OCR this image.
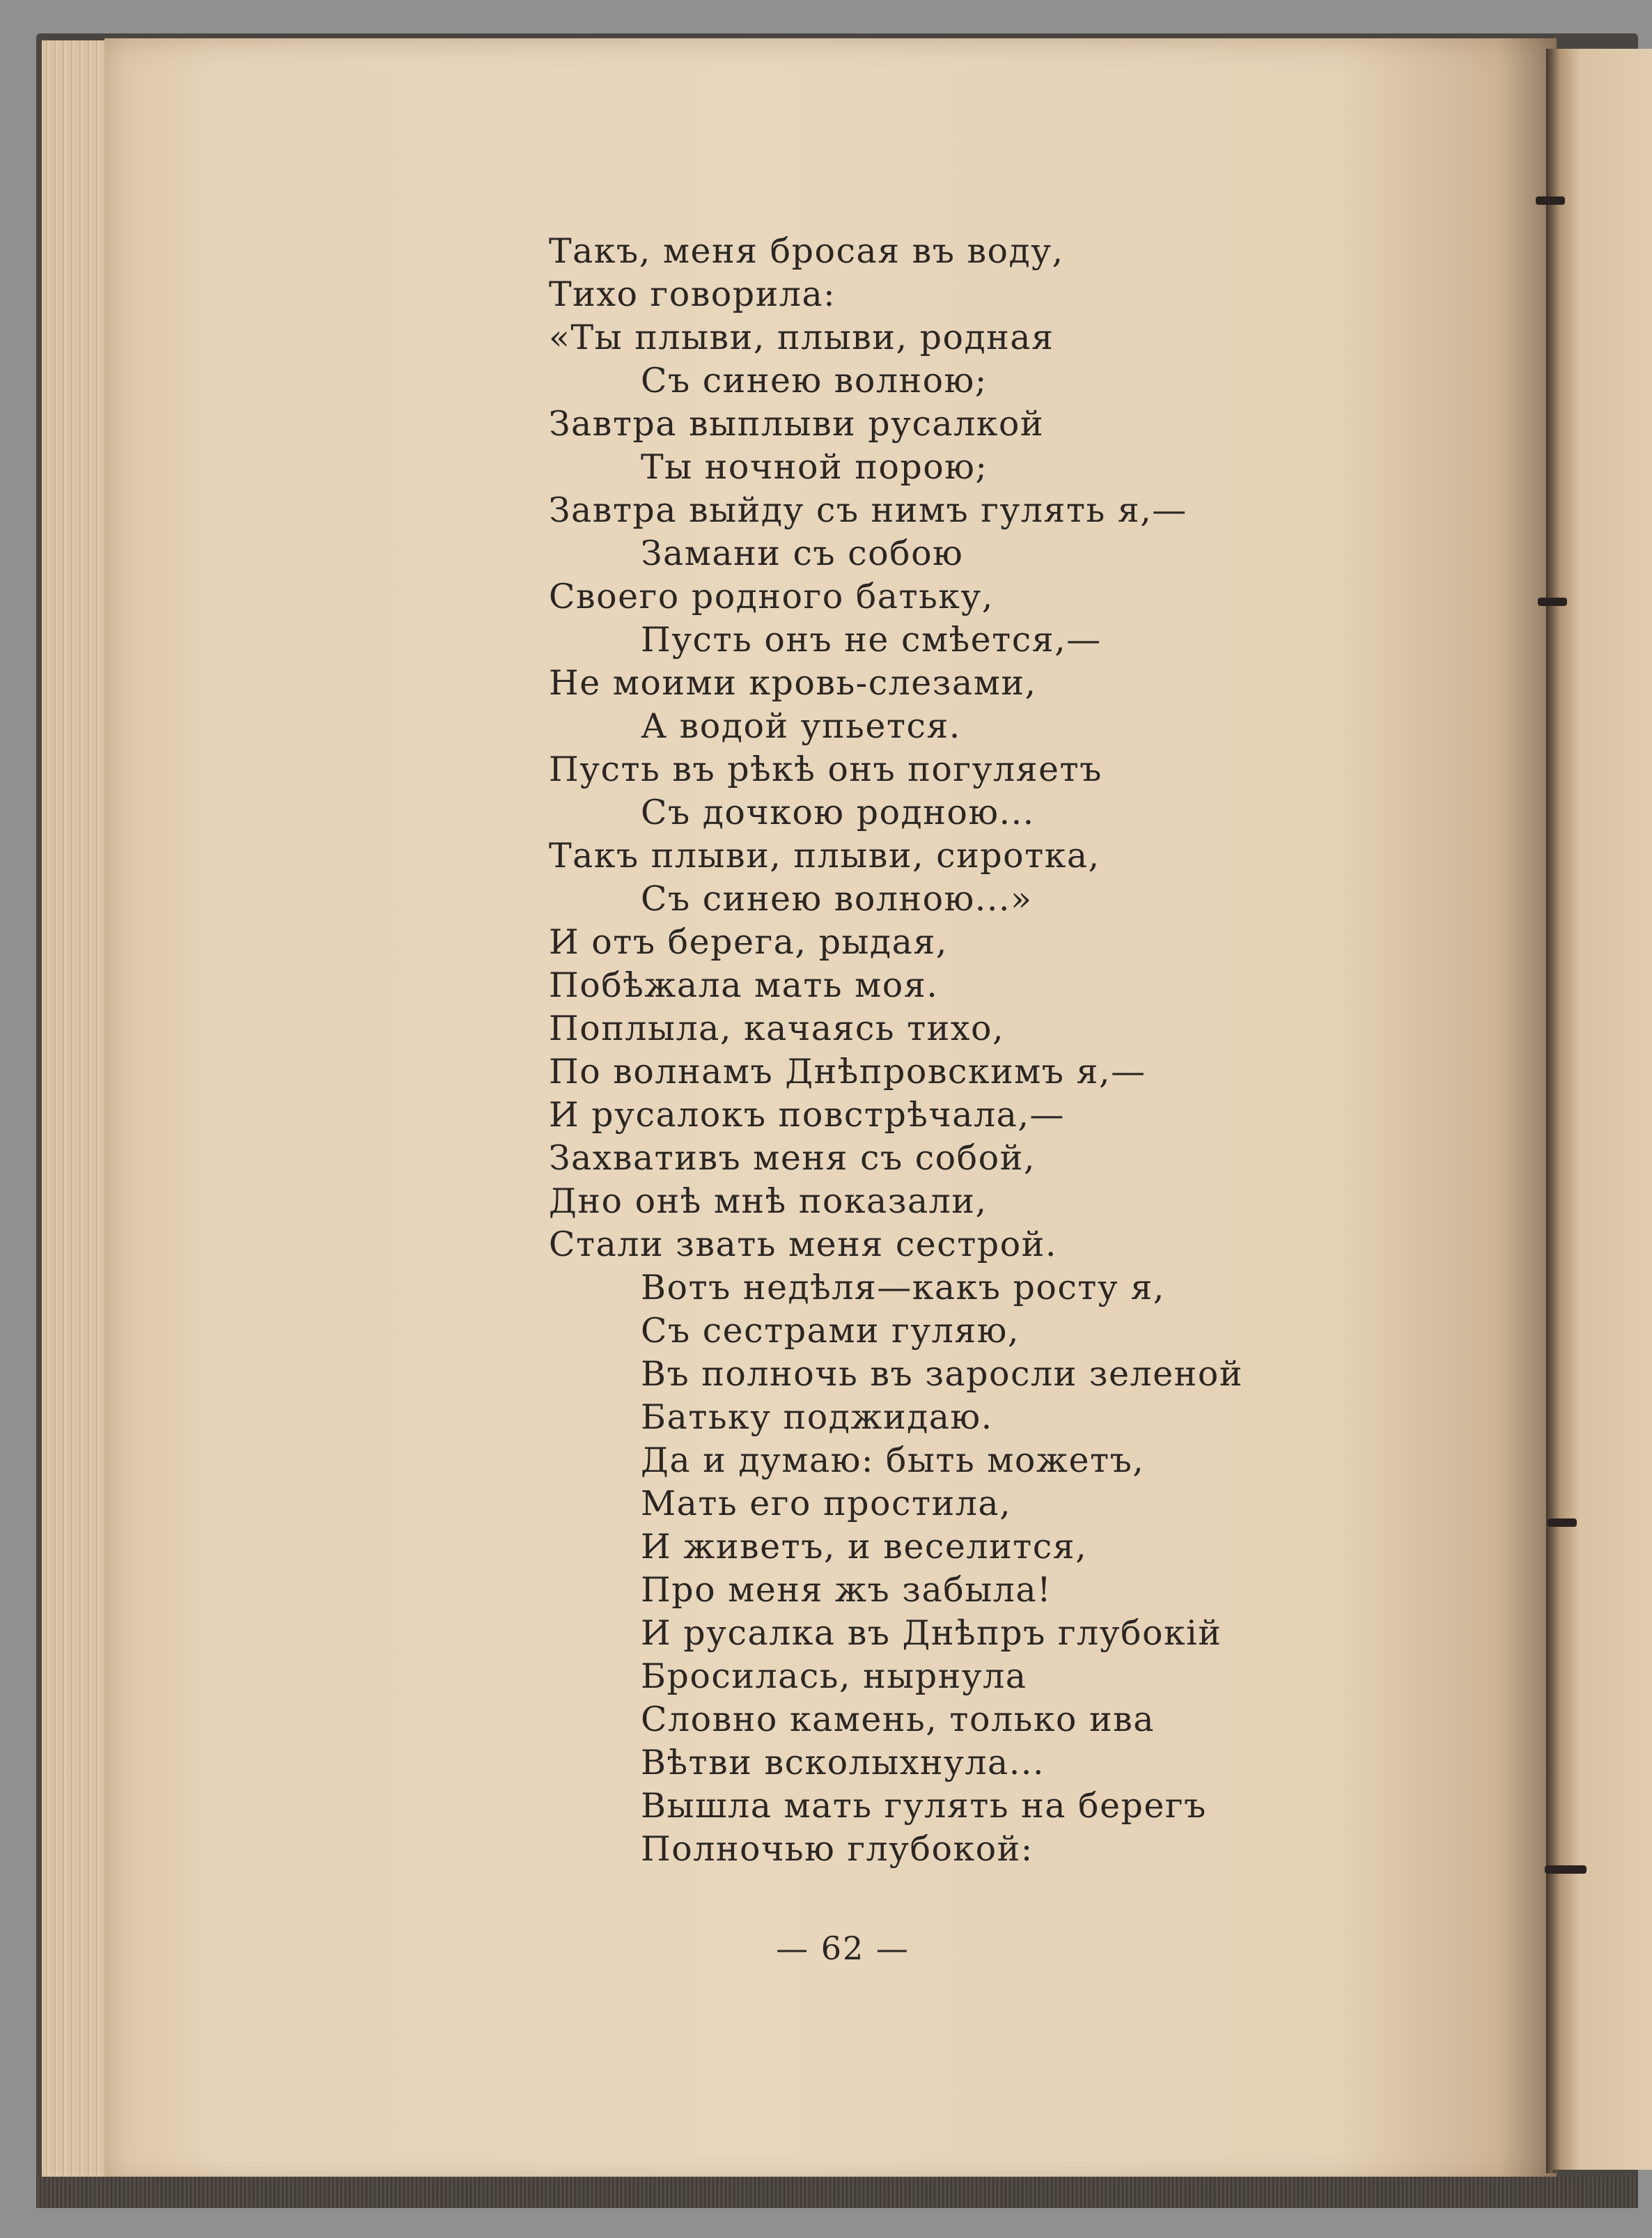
Такъ, меня бросая въ воду,
Тихо говорила:
«Ты плыви, плыви, родная
Съ синею волною;
Завтра выплыви русалкой
Ты ночной порою;
Завтра выйду съ нимъ гулять я,—
Замани съ собою
Своего родного батьку,
Пусть онъ не смѣется,—
Не моими кровь-слезами,
А водой упьется.
Пусть въ рѣкѣ онъ погуляетъ
Съ дочкою родною...
Такъ плыви, плыви, сиротка,
Съ синею волною...»
И отъ берега, рыдая,
Побѣжала мать моя.
Поплыла, качаясь тихо,
По волнамъ Днѣпровскимъ я,—
И русалокъ повстрѣчала,—
Захвативъ меня съ собой,
Дно онѣ мнѣ показали,
Стали звать меня сестрой.
Вотъ недѣля—какъ росту я,
Съ сестрами гуляю,
Въ полночь въ заросли зеленой
Батьку поджидаю.
Да и думаю: быть можетъ,
Мать его простила,
И живетъ, и веселится,
Про меня жъ забыла!
И русалка въ Днѣпръ глубокій
Бросилась, нырнула
Словно камень, только ива
Вѣтви всколыхнула...
Вышла мать гулять на берегъ
Полночью глубокой:
— 62 —
